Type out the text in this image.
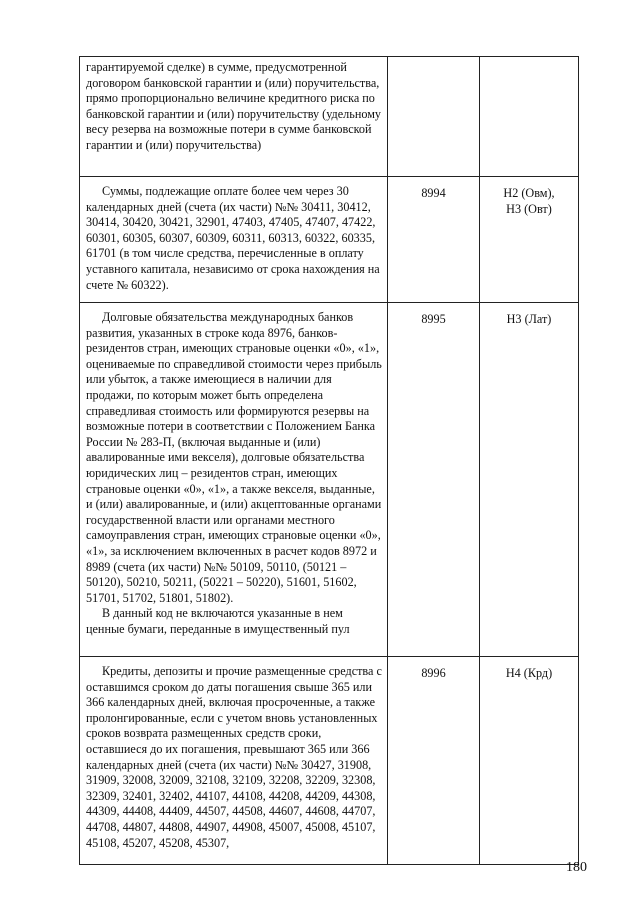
гарантируемой сделке) в сумме, предусмотренной договором банковской гарантии и (или) поручительства, прямо пропорционально величине кредитного риска по банковской гарантии и (или) поручительству (удельному весу резерва на возможные потери в сумме банковской гарантии и (или) поручительства)		

Суммы, подлежащие оплате более чем через 30 календарных дней (счета (их части) №№ 30411, 30412, 30414, 30420, 30421, 32901, 47403, 47405, 47407, 47422, 60301, 60305, 60307, 60309, 60311, 60313, 60322, 60335, 61701 (в том числе средства, перечисленные в оплату уставного капитала, независимо от срока нахождения на счете № 60322).	8994	Н2 (Овм),
Н3 (Овт)

Долговые обязательства международных банков развития, указанных в строке кода 8976, банков-резидентов стран, имеющих страновые оценки «0», «1», оцениваемые по справедливой стоимости через прибыль или убыток, а также имеющиеся в наличии для продажи, по которым может быть определена справедливая стоимость или формируются резервы на возможные потери в соответствии с Положением Банка России № 283-П, (включая выданные и (или) авалированные ими векселя), долговые обязательства юридических лиц – резидентов стран, имеющих страновые оценки «0», «1», а также векселя, выданные, и (или) авалированные, и (или) акцептованные органами государственной власти или органами местного самоуправления стран, имеющих страновые оценки «0», «1», за исключением включенных в расчет кодов 8972 и 8989 (счета (их части) №№ 50109, 50110, (50121 – 50120), 50210, 50211, (50221 – 50220), 51601, 51602, 51701, 51702, 51801, 51802).

В данный код не включаются указанные в нем ценные бумаги, переданные в имущественный пул	8995	Н3 (Лат)

Кредиты, депозиты и прочие размещенные средства с оставшимся сроком до даты погашения свыше 365 или 366 календарных дней, включая просроченные, а также пролонгированные, если с учетом вновь установленных сроков возврата размещенных средств сроки, оставшиеся до их погашения, превышают 365 или 366 календарных дней (счета (их части) №№ 30427, 31908, 31909, 32008, 32009, 32108, 32109, 32208, 32209, 32308, 32309, 32401, 32402, 44107, 44108, 44208, 44209, 44308, 44309, 44408, 44409, 44507, 44508, 44607, 44608, 44707, 44708, 44807, 44808, 44907, 44908, 45007, 45008, 45107, 45108, 45207, 45208, 45307,	8996	Н4 (Крд)
180
